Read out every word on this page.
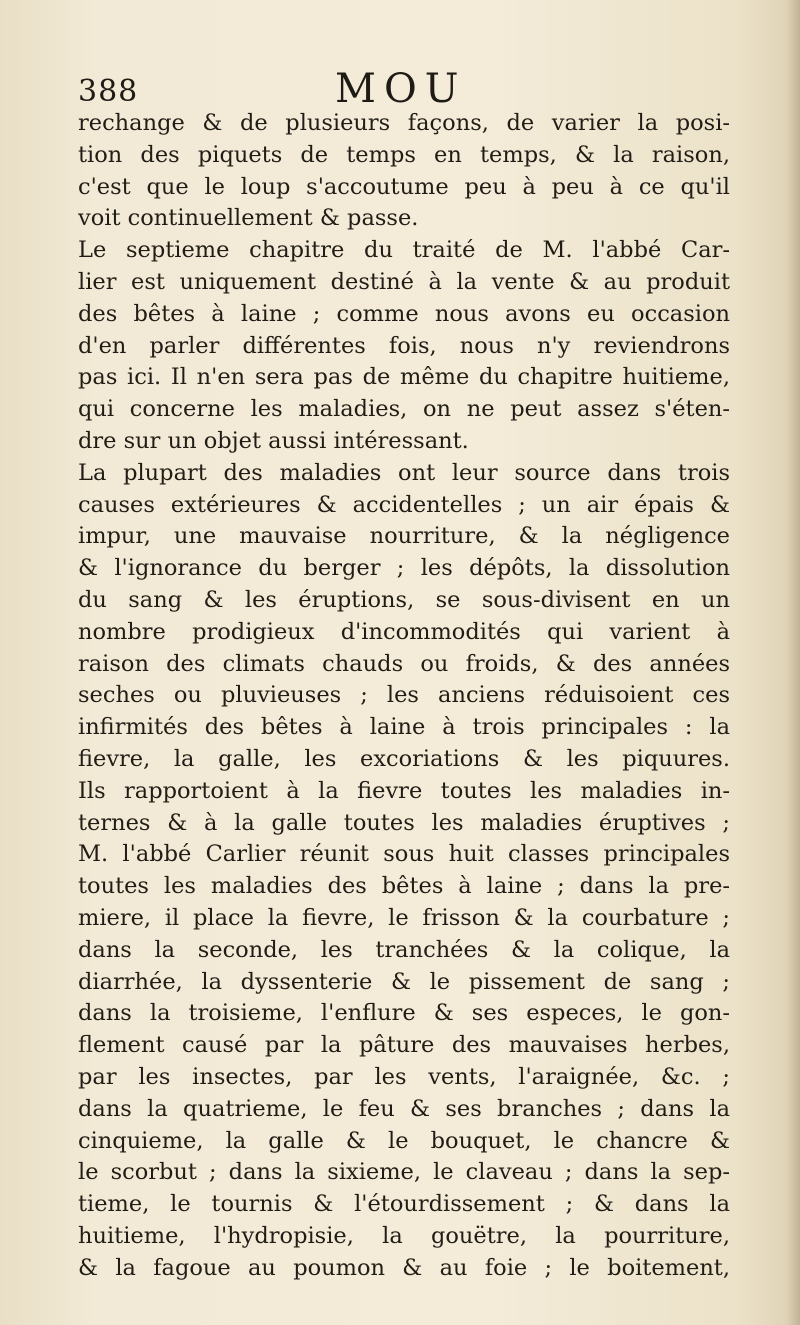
388	MOU
rechange & de plusieurs façons, de varier la posi-
tion des piquets de temps en temps, & la raison,
c'est que le loup s'accoutume peu à peu à ce qu'il
voit continuellement & passe.
Le septieme chapitre du traité de M. l'abbé Car-
lier est uniquement destiné à la vente & au produit
des bêtes à laine ; comme nous avons eu occasion
d'en parler différentes fois, nous n'y reviendrons
pas ici. Il n'en sera pas de même du chapitre huitieme,
qui concerne les maladies, on ne peut assez s'éten-
dre sur un objet aussi intéressant.
La plupart des maladies ont leur source dans trois
causes extérieures & accidentelles ; un air épais &
impur, une mauvaise nourriture, & la négligence
& l'ignorance du berger ; les dépôts, la dissolution
du sang & les éruptions, se sous-divisent en un
nombre prodigieux d'incommodités qui varient à
raison des climats chauds ou froids, & des années
seches ou pluvieuses ; les anciens réduisoient ces
infirmités des bêtes à laine à trois principales : la
fievre, la galle, les excoriations & les piquures.
Ils rapportoient à la fievre toutes les maladies in-
ternes & à la galle toutes les maladies éruptives ;
M. l'abbé Carlier réunit sous huit classes principales
toutes les maladies des bêtes à laine ; dans la pre-
miere, il place la fievre, le frisson & la courbature ;
dans la seconde, les tranchées & la colique, la
diarrhée, la dyssenterie & le pissement de sang ;
dans la troisieme, l'enflure & ses especes, le gon-
flement causé par la pâture des mauvaises herbes,
par les insectes, par les vents, l'araignée, &c. ;
dans la quatrieme, le feu & ses branches ; dans la
cinquieme, la galle & le bouquet, le chancre &
le scorbut ; dans la sixieme, le claveau ; dans la sep-
tieme, le tournis & l'étourdissement ; & dans la
huitieme, l'hydropisie, la gouëtre, la pourriture,
& la fagoue au poumon & au foie ; le boitement,
